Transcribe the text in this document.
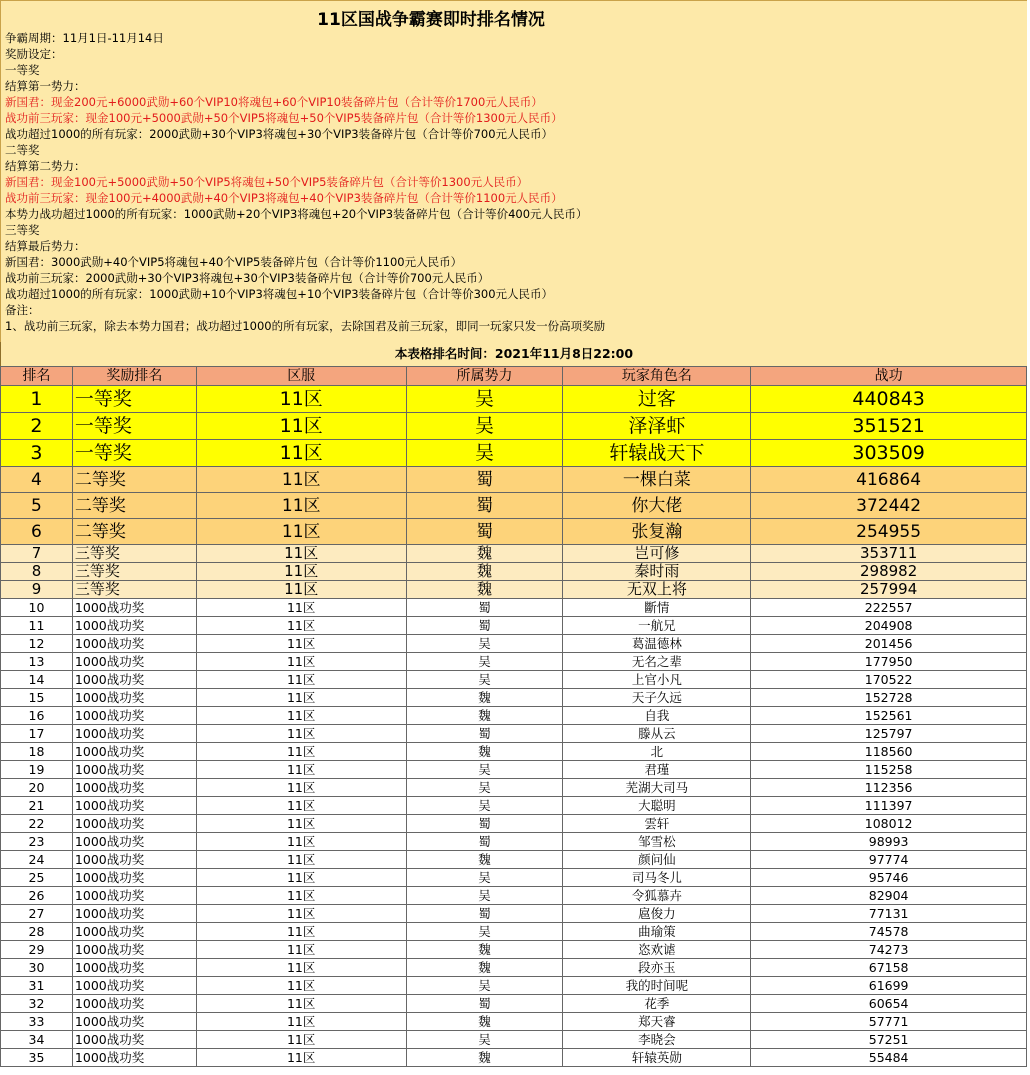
11区国战争霸赛即时排名情况
争霸周期：11月1日-11月14日
奖励设定：
一等奖
结算第一势力：
新国君：现金200元+6000武勋+60个VIP10将魂包+60个VIP10装备碎片包（合计等价1700元人民币）
战功前三玩家：现金100元+5000武勋+50个VIP5将魂包+50个VIP5装备碎片包（合计等价1300元人民币）
战功超过1000的所有玩家：2000武勋+30个VIP3将魂包+30个VIP3装备碎片包（合计等价700元人民币）
二等奖
结算第二势力：
新国君：现金100元+5000武勋+50个VIP5将魂包+50个VIP5装备碎片包（合计等价1300元人民币）
战功前三玩家：现金100元+4000武勋+40个VIP3将魂包+40个VIP3装备碎片包（合计等价1100元人民币）
本势力战功超过1000的所有玩家：1000武勋+20个VIP3将魂包+20个VIP3装备碎片包（合计等价400元人民币）
三等奖
结算最后势力：
新国君：3000武勋+40个VIP5将魂包+40个VIP5装备碎片包（合计等价1100元人民币）
战功前三玩家：2000武勋+30个VIP3将魂包+30个VIP3装备碎片包（合计等价700元人民币）
战功超过1000的所有玩家：1000武勋+10个VIP3将魂包+10个VIP3装备碎片包（合计等价300元人民币）
备注：
1、战功前三玩家，除去本势力国君；战功超过1000的所有玩家，去除国君及前三玩家，即同一玩家只发一份高项奖励
本表格排名时间：2021年11月8日22:00
排名	奖励排名	区服	所属势力	玩家角色名	战功
1	一等奖	11区	吴	过客	440843
2	一等奖	11区	吴	泽泽虾	351521
3	一等奖	11区	吴	轩辕战天下	303509
4	二等奖	11区	蜀	一棵白菜	416864
5	二等奖	11区	蜀	你大佬	372442
6	二等奖	11区	蜀	张复瀚	254955
7	三等奖	11区	魏	岂可修	353711
8	三等奖	11区	魏	秦时雨	298982
9	三等奖	11区	魏	无双上将	257994
10	1000战功奖	11区	蜀	斷情	222557
11	1000战功奖	11区	蜀	一航兄	204908
12	1000战功奖	11区	吴	葛温德林	201456
13	1000战功奖	11区	吴	无名之辈	177950
14	1000战功奖	11区	吴	上官小凡	170522
15	1000战功奖	11区	魏	天子久远	152728
16	1000战功奖	11区	魏	自我	152561
17	1000战功奖	11区	蜀	滕从云	125797
18	1000战功奖	11区	魏	北	118560
19	1000战功奖	11区	吴	君瑾	115258
20	1000战功奖	11区	吴	芜湖大司马	112356
21	1000战功奖	11区	吴	大聪明	111397
22	1000战功奖	11区	蜀	雲轩	108012
23	1000战功奖	11区	蜀	邹雪松	98993
24	1000战功奖	11区	魏	颜问仙	97774
25	1000战功奖	11区	吴	司马冬儿	95746
26	1000战功奖	11区	吴	令狐慕卉	82904
27	1000战功奖	11区	蜀	扈俊力	77131
28	1000战功奖	11区	吴	曲瑜策	74578
29	1000战功奖	11区	魏	恣欢谑	74273
30	1000战功奖	11区	魏	段亦玉	67158
31	1000战功奖	11区	吴	我的时间呢	61699
32	1000战功奖	11区	蜀	花季	60654
33	1000战功奖	11区	魏	郑天睿	57771
34	1000战功奖	11区	吴	李晓会	57251
35	1000战功奖	11区	魏	轩辕英勋	55484
